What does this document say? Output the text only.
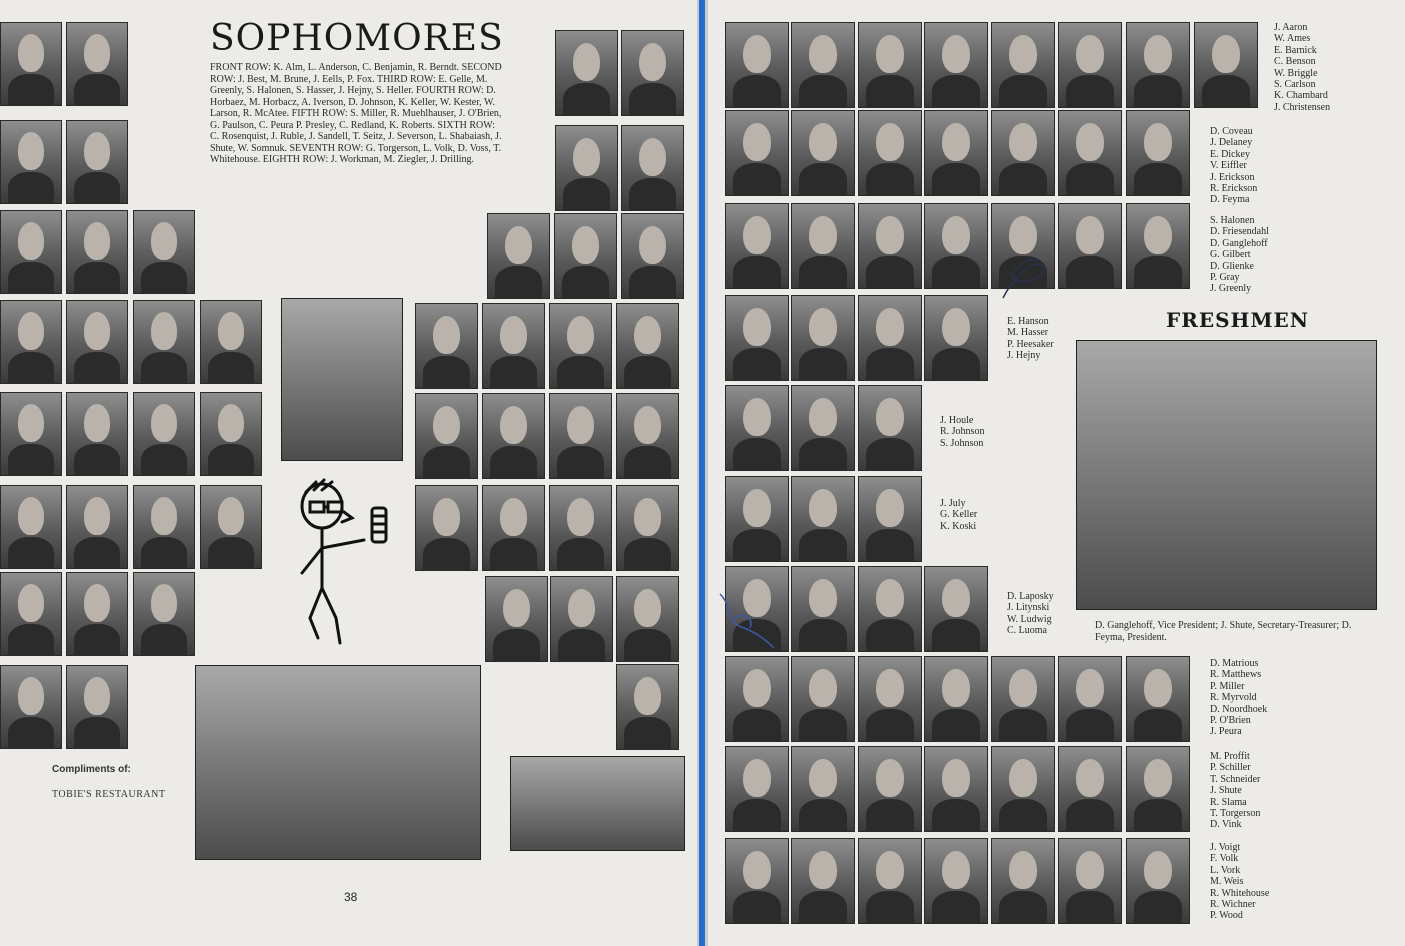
SOPHOMORES
FRONT ROW: K. Alm, L. Anderson, C. Benjamin, R. Berndt. SECOND ROW: J. Best, M. Brune, J. Eells, P. Fox. THIRD ROW: E. Gelle, M. Greenly, S. Halonen, S. Hasser, J. Hejny, S. Heller. FOURTH ROW: D. Horbaez, M. Horbacz, A. Iverson, D. Johnson, K. Keller, W. Kester, W. Larson, R. McAtee. FIFTH ROW: S. Miller, R. Muehlhauser, J. O'Brien, G. Paulson, C. Peura P. Presley, C. Redland, K. Roberts. SIXTH ROW: C. Rosenquist, J. Ruble, J. Sandell, T. Seitz, J. Severson, L. Shabaiash, J. Shute, W. Somnuk. SEVENTH ROW: G. Torgerson, L. Volk, D. Voss, T. Whitehouse. EIGHTH ROW: J. Workman, M. Ziegler, J. Drilling.
Compliments of:
TOBIE'S RESTAURANT
38
FRESHMEN
D. Ganglehoff, Vice President; J. Shute, Secretary-Treasurer; D. Feyma, President.
J. Aaron
W. Ames
E. Barnick
C. Benson
W. Briggle
S. Carlson
K. Chambard
J. Christensen
D. Coveau
J. Delaney
E. Dickey
V. Eiffler
J. Erickson
R. Erickson
D. Feyma
S. Halonen
D. Friesendahl
D. Ganglehoff
G. Gilbert
D. Glienke
P. Gray
J. Greenly
E. Hanson
M. Hasser
P. Heesaker
J. Hejny
J. Houle
R. Johnson
S. Johnson
J. July
G. Keller
K. Koski
D. Laposky
J. Litynski
W. Ludwig
C. Luoma
D. Matrious
R. Matthews
P. Miller
R. Myrvold
D. Noordhoek
P. O'Brien
J. Peura
M. Proffit
P. Schiller
T. Schneider
J. Shute
R. Slama
T. Torgerson
D. Vink
J. Voigt
F. Volk
L. Vork
M. Weis
R. Whitehouse
R. Wichner
P. Wood
